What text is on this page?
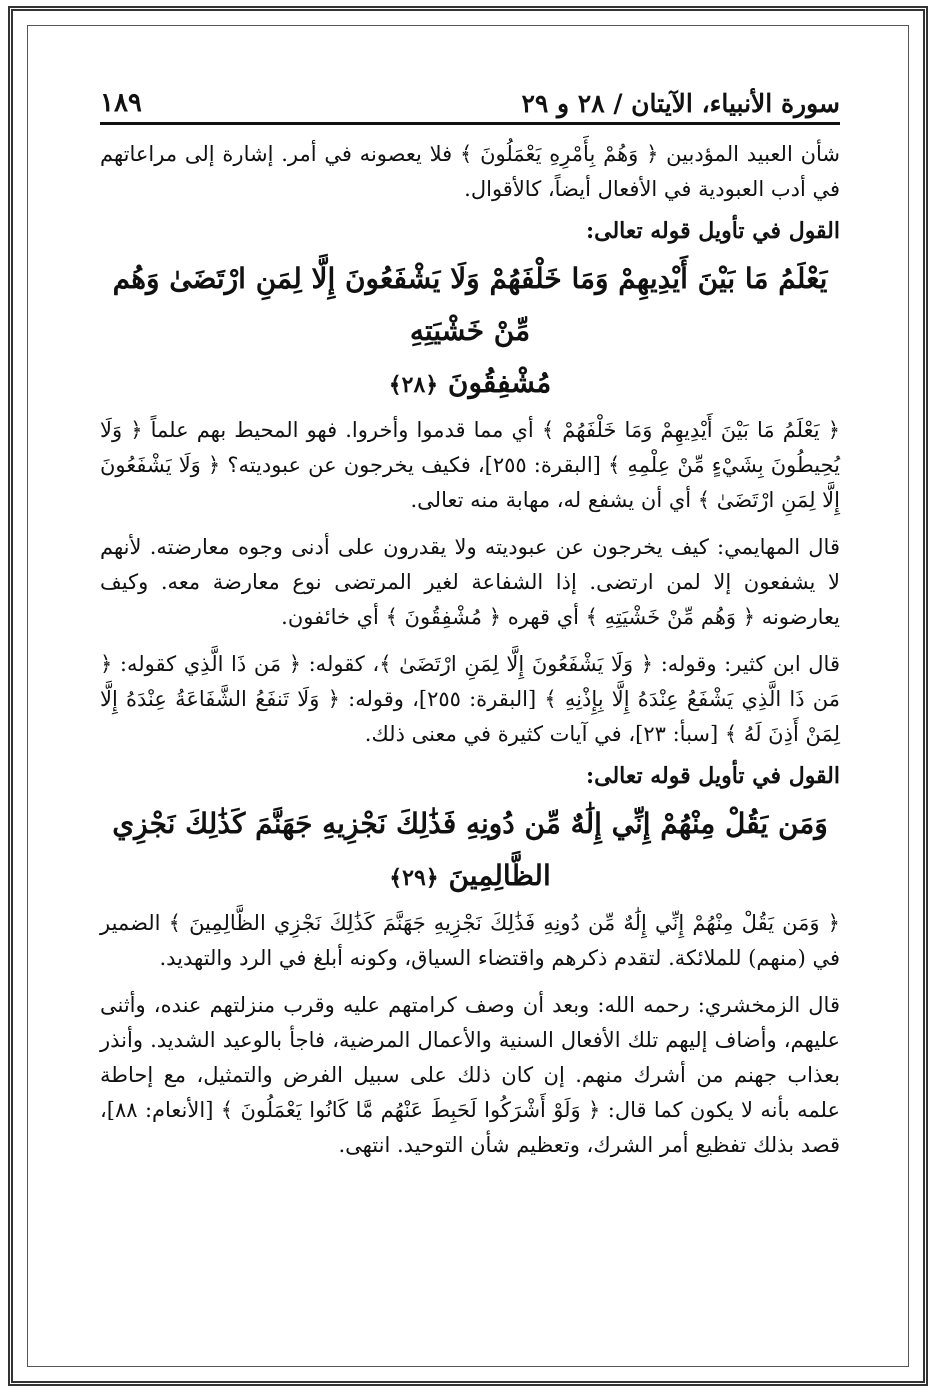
سورة الأنبياء، الآيتان / ٢٨ و ٢٩
١٨٩

شأن العبيد المؤدبين ﴿ وَهُمْ بِأَمْرِهِ يَعْمَلُونَ ﴾ فلا يعصونه في أمر. إشارة إلى مراعاتهم في أدب العبودية في الأفعال أيضاً، كالأقوال.

القول في تأويل قوله تعالى:

يَعْلَمُ مَا بَيْنَ أَيْدِيهِمْ وَمَا خَلْفَهُمْ وَلَا يَشْفَعُونَ إِلَّا لِمَنِ ارْتَضَىٰ وَهُم مِّنْ خَشْيَتِهِ
مُشْفِقُونَ ﴿٢٨﴾

﴿ يَعْلَمُ مَا بَيْنَ أَيْدِيهِمْ وَمَا خَلْفَهُمْ ﴾ أي مما قدموا وأخروا. فهو المحيط بهم علماً ﴿ وَلَا يُحِيطُونَ بِشَيْءٍ مِّنْ عِلْمِهِ ﴾ [البقرة: ٢٥٥]، فكيف يخرجون عن عبوديته؟ ﴿ وَلَا يَشْفَعُونَ إِلَّا لِمَنِ ارْتَضَىٰ ﴾ أي أن يشفع له، مهابة منه تعالى.

قال المهايمي: كيف يخرجون عن عبوديته ولا يقدرون على أدنى وجوه معارضته. لأنهم لا يشفعون إلا لمن ارتضى. إذا الشفاعة لغير المرتضى نوع معارضة معه. وكيف يعارضونه ﴿ وَهُم مِّنْ خَشْيَتِهِ ﴾ أي قهره ﴿ مُشْفِقُونَ ﴾ أي خائفون.

قال ابن كثير: وقوله: ﴿ وَلَا يَشْفَعُونَ إِلَّا لِمَنِ ارْتَضَىٰ ﴾، كقوله: ﴿ مَن ذَا الَّذِي كقوله: ﴿ مَن ذَا الَّذِي يَشْفَعُ عِنْدَهُ إِلَّا بِإِذْنِهِ ﴾ [البقرة: ٢٥٥]، وقوله: ﴿ وَلَا تَنفَعُ الشَّفَاعَةُ عِنْدَهُ إِلَّا لِمَنْ أَذِنَ لَهُ ﴾ [سبأ: ٢٣]، في آيات كثيرة في معنى ذلك.

القول في تأويل قوله تعالى:

وَمَن يَقُلْ مِنْهُمْ إِنِّي إِلَٰهٌ مِّن دُونِهِ فَذَٰلِكَ نَجْزِيهِ جَهَنَّمَ كَذَٰلِكَ نَجْزِي
الظَّالِمِينَ ﴿٢٩﴾

﴿ وَمَن يَقُلْ مِنْهُمْ إِنِّي إِلَٰهٌ مِّن دُونِهِ فَذَٰلِكَ نَجْزِيهِ جَهَنَّمَ كَذَٰلِكَ نَجْزِي الظَّالِمِينَ ﴾ الضمير في (منهم) للملائكة. لتقدم ذكرهم واقتضاء السياق، وكونه أبلغ في الرد والتهديد.

قال الزمخشري: رحمه الله: وبعد أن وصف كرامتهم عليه وقرب منزلتهم عنده، وأثنى عليهم، وأضاف إليهم تلك الأفعال السنية والأعمال المرضية، فاجأ بالوعيد الشديد. وأنذر بعذاب جهنم من أشرك منهم. إن كان ذلك على سبيل الفرض والتمثيل، مع إحاطة علمه بأنه لا يكون كما قال: ﴿ وَلَوْ أَشْرَكُوا لَحَبِطَ عَنْهُم مَّا كَانُوا يَعْمَلُونَ ﴾ [الأنعام: ٨٨]، قصد بذلك تفظيع أمر الشرك، وتعظيم شأن التوحيد. انتهى.
